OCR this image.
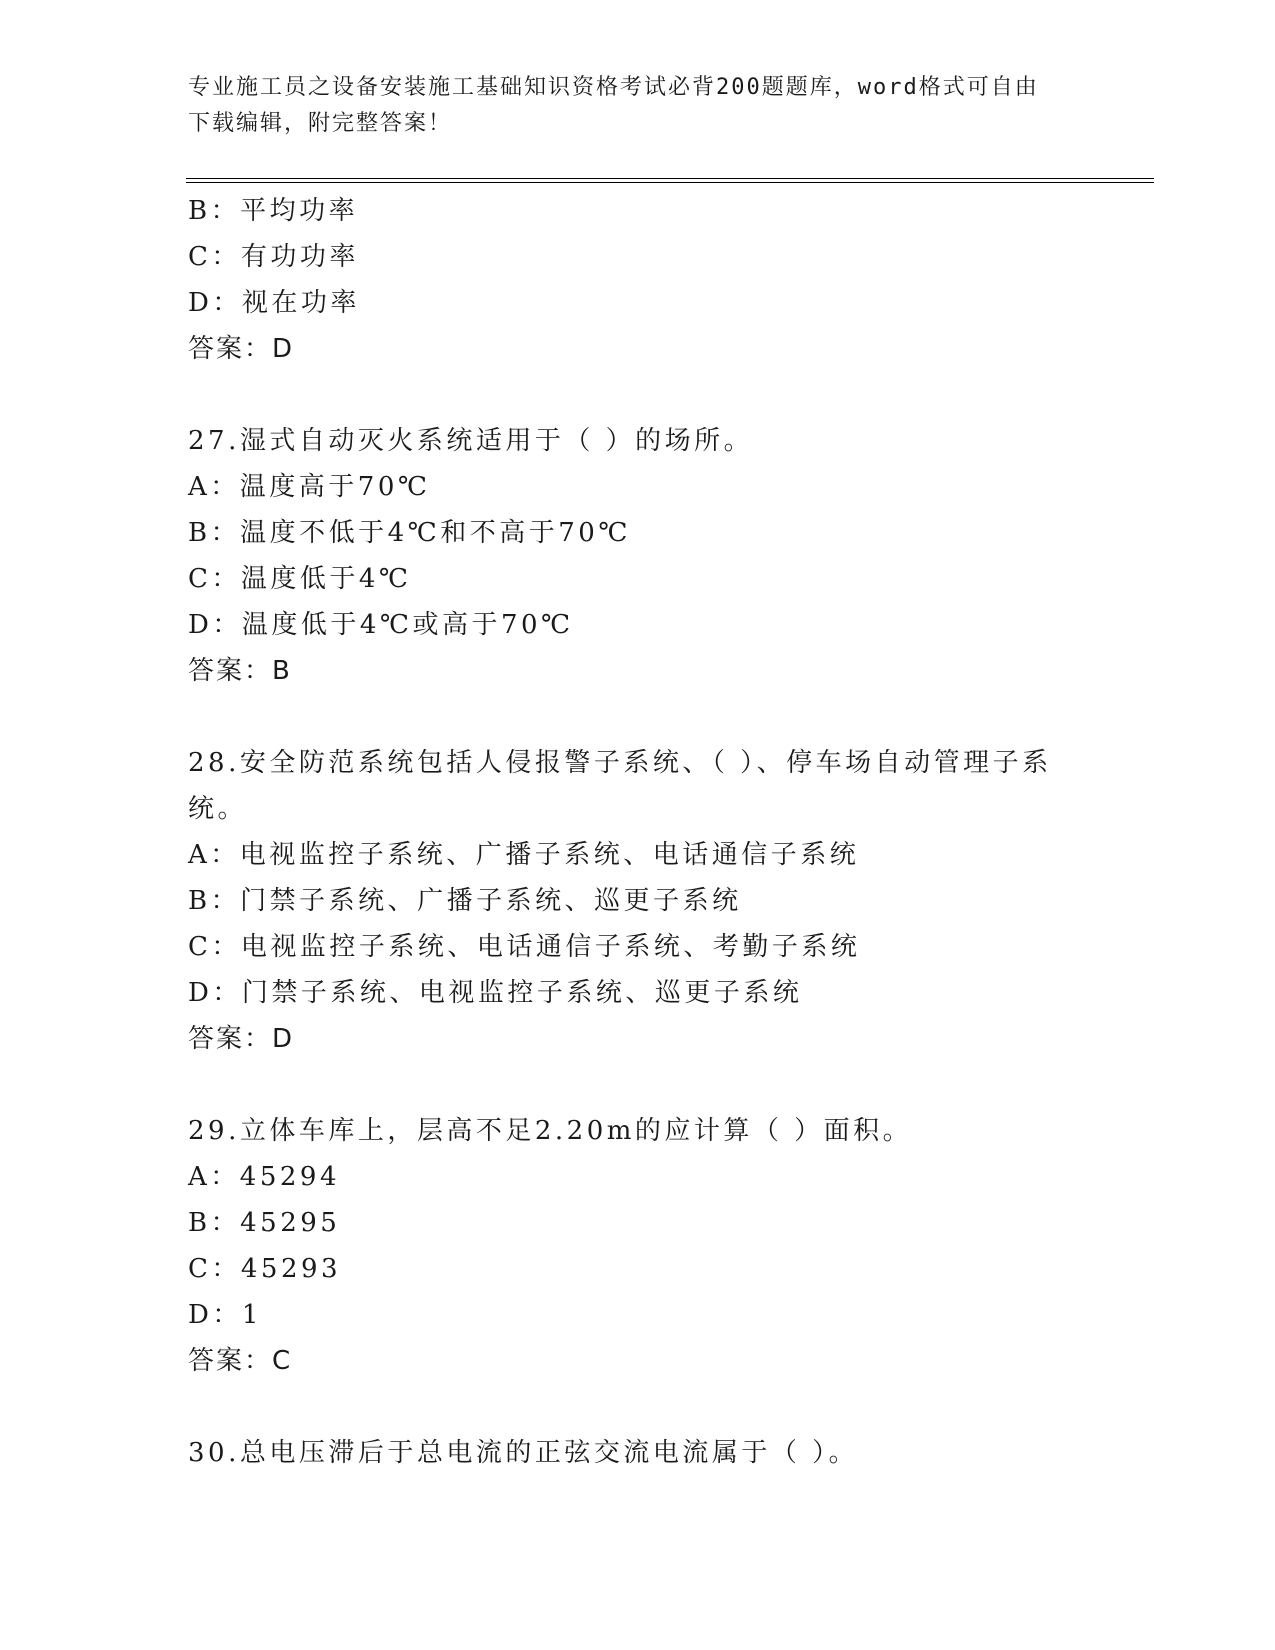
专业施工员之设备安装施工基础知识资格考试必背200题题库，word格式可自由
下载编辑，附完整答案！
B：平均功率
C：有功功率
D：视在功率
答案：D
27.湿式自动灭火系统适用于（ ）的场所。
A：温度高于70℃
B：温度不低于4℃和不高于70℃
C：温度低于4℃
D：温度低于4℃或高于70℃
答案：B
28.安全防范系统包括人侵报警子系统、（ ）、停车场自动管理子系
统。
A：电视监控子系统、广播子系统、电话通信子系统
B：门禁子系统、广播子系统、巡更子系统
C：电视监控子系统、电话通信子系统、考勤子系统
D：门禁子系统、电视监控子系统、巡更子系统
答案：D
29.立体车库上，层高不足2.20m的应计算（ ）面积。
A：45294
B：45295
C：45293
D：1
答案：C
30.总电压滞后于总电流的正弦交流电流属于（ ）。
